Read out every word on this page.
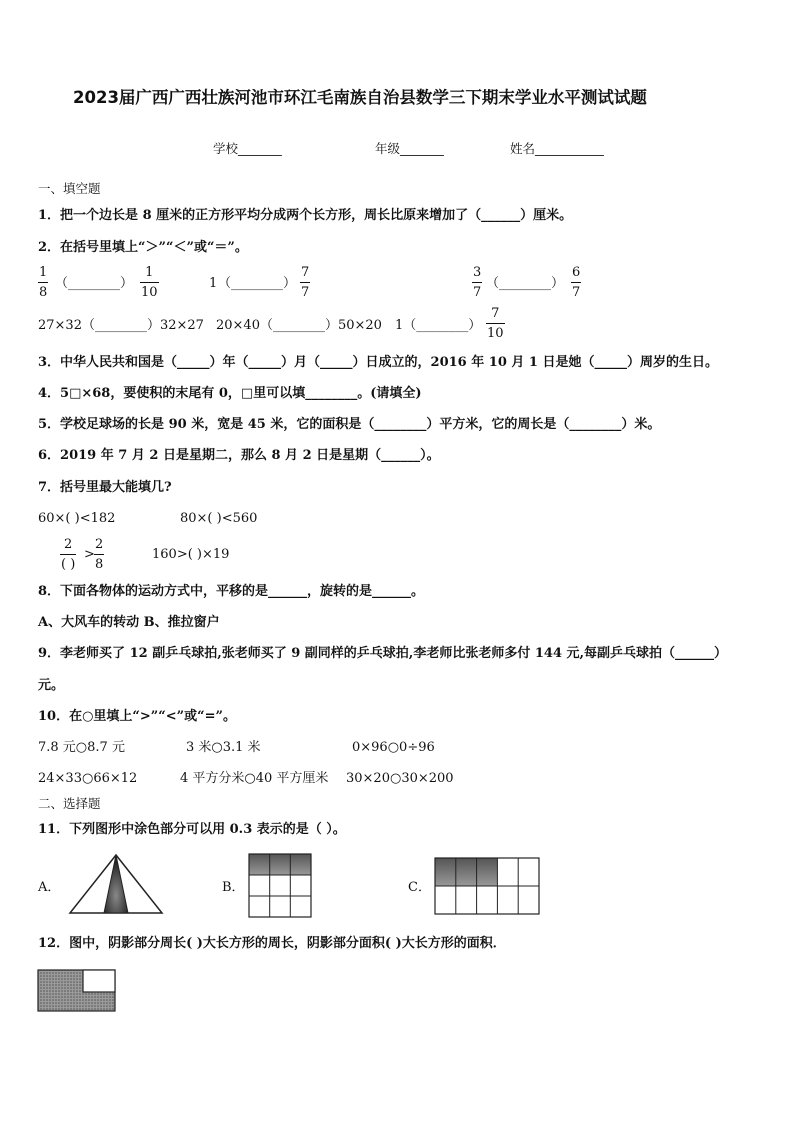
2023届广西广西壮族河池市环江毛南族自治县数学三下期末学业水平测试试题
学校_______	年级_______	姓名___________
一、填空题
1．把一个边长是 8 厘米的正方形平均分成两个长方形，周长比原来增加了（______）厘米。
2．在括号里填上“＞”“＜”或“＝”。
1
8
（________）
1
10
1 （________）
7
7
3
7
（________）
6
7
27×32（________）32×27 20×40（________）50×20 1（________）
7
10
3．中华人民共和国是（_____）年（_____）月（_____）日成立的，2016 年 10 月 1 日是她（_____）周岁的生日。
4．5□×68，要使积的末尾有 0，□里可以填________。(请填全)
5．学校足球场的长是 90 米，宽是 45 米，它的面积是（________）平方米，它的周长是（________）米。
6．2019 年 7 月 2 日是星期二，那么 8 月 2 日是星期（______）。
7．括号里最大能填几?
60×( )<182	80×( )<560
2
( )
>
2
8
160>( )×19
8．下面各物体的运动方式中，平移的是______，旋转的是______。
A、大风车的转动 B、推拉窗户
9．李老师买了 12 副乒乓球拍,张老师买了 9 副同样的乒乓球拍,李老师比张老师多付 144 元,每副乒乓球拍（______）
元。
10．在○里填上“>”“<”或“=”。
7.8 元○8.7 元	3 米○3.1 米	0×96○0÷96
24×33○66×12	4 平方分米○40 平方厘米 30×20○30×200
二、选择题
11．下列图形中涂色部分可以用 0.3 表示的是（ ）。
A．	B．	C．
12．图中，阴影部分周长( )大长方形的周长，阴影部分面积( )大长方形的面积．
